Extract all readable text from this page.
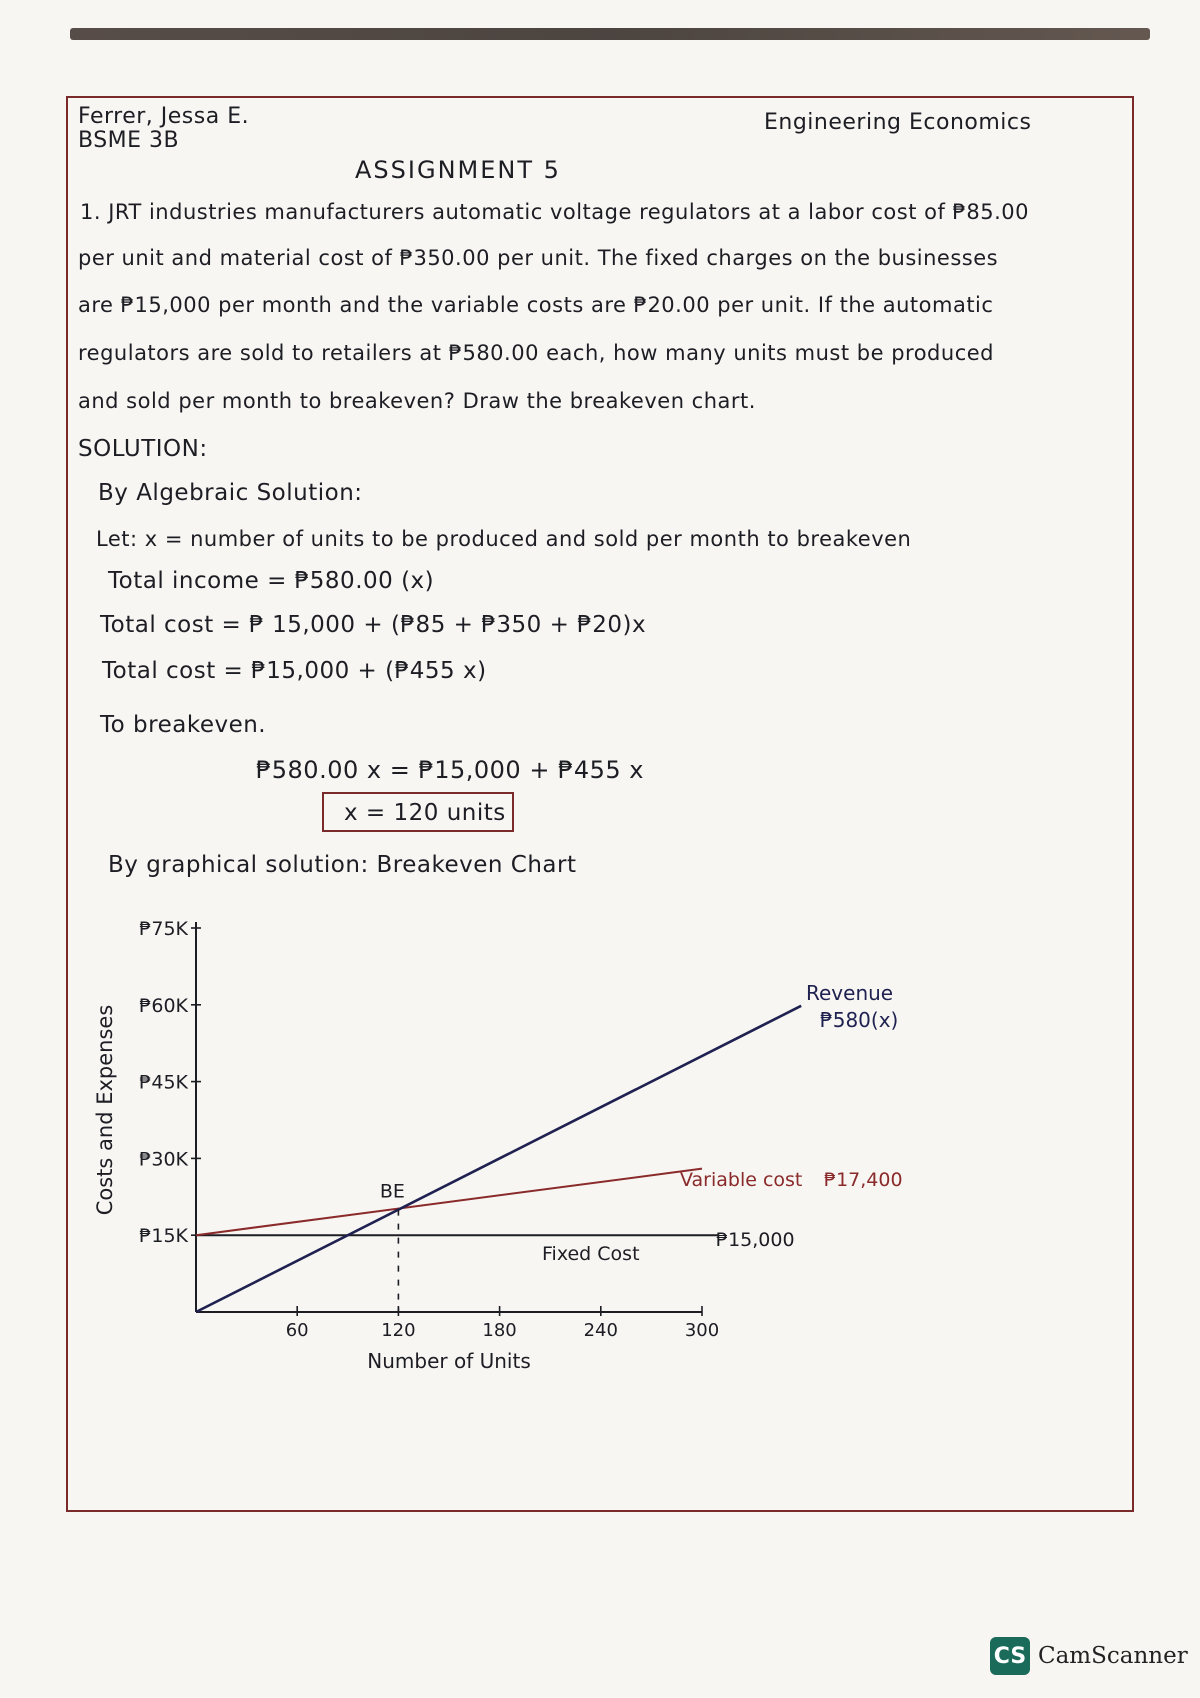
Ferrer, Jessa E.
BSME 3B
Engineering Economics
ASSIGNMENT 5
1. JRT industries manufacturers automatic voltage regulators at a labor cost of ₱85.00
per unit and material cost of ₱350.00 per unit. The fixed charges on the businesses
are ₱15,000 per month and the variable costs are ₱20.00 per unit. If the automatic
regulators are sold to retailers at ₱580.00 each, how many units must be produced
and sold per month to breakeven? Draw the breakeven chart.
SOLUTION:
By Algebraic Solution:
Let: x = number of units to be produced and sold per month to breakeven
Total income = ₱580.00 (x)
Total cost = ₱ 15,000 + (₱85 + ₱350 + ₱20)x
Total cost = ₱15,000 + (₱455 x)
To breakeven.
₱580.00 x = ₱15,000 + ₱455 x
x = 120 units
By graphical solution: Breakeven Chart
₱15K
₱30K
₱45K
₱60K
₱75K
60	120	180	240	300
Number of Units
Costs and Expenses	BE
Revenue
₱580(x)
Variable cost ₱17,400
Fixed Cost
₱15,000
CS CamScanner
